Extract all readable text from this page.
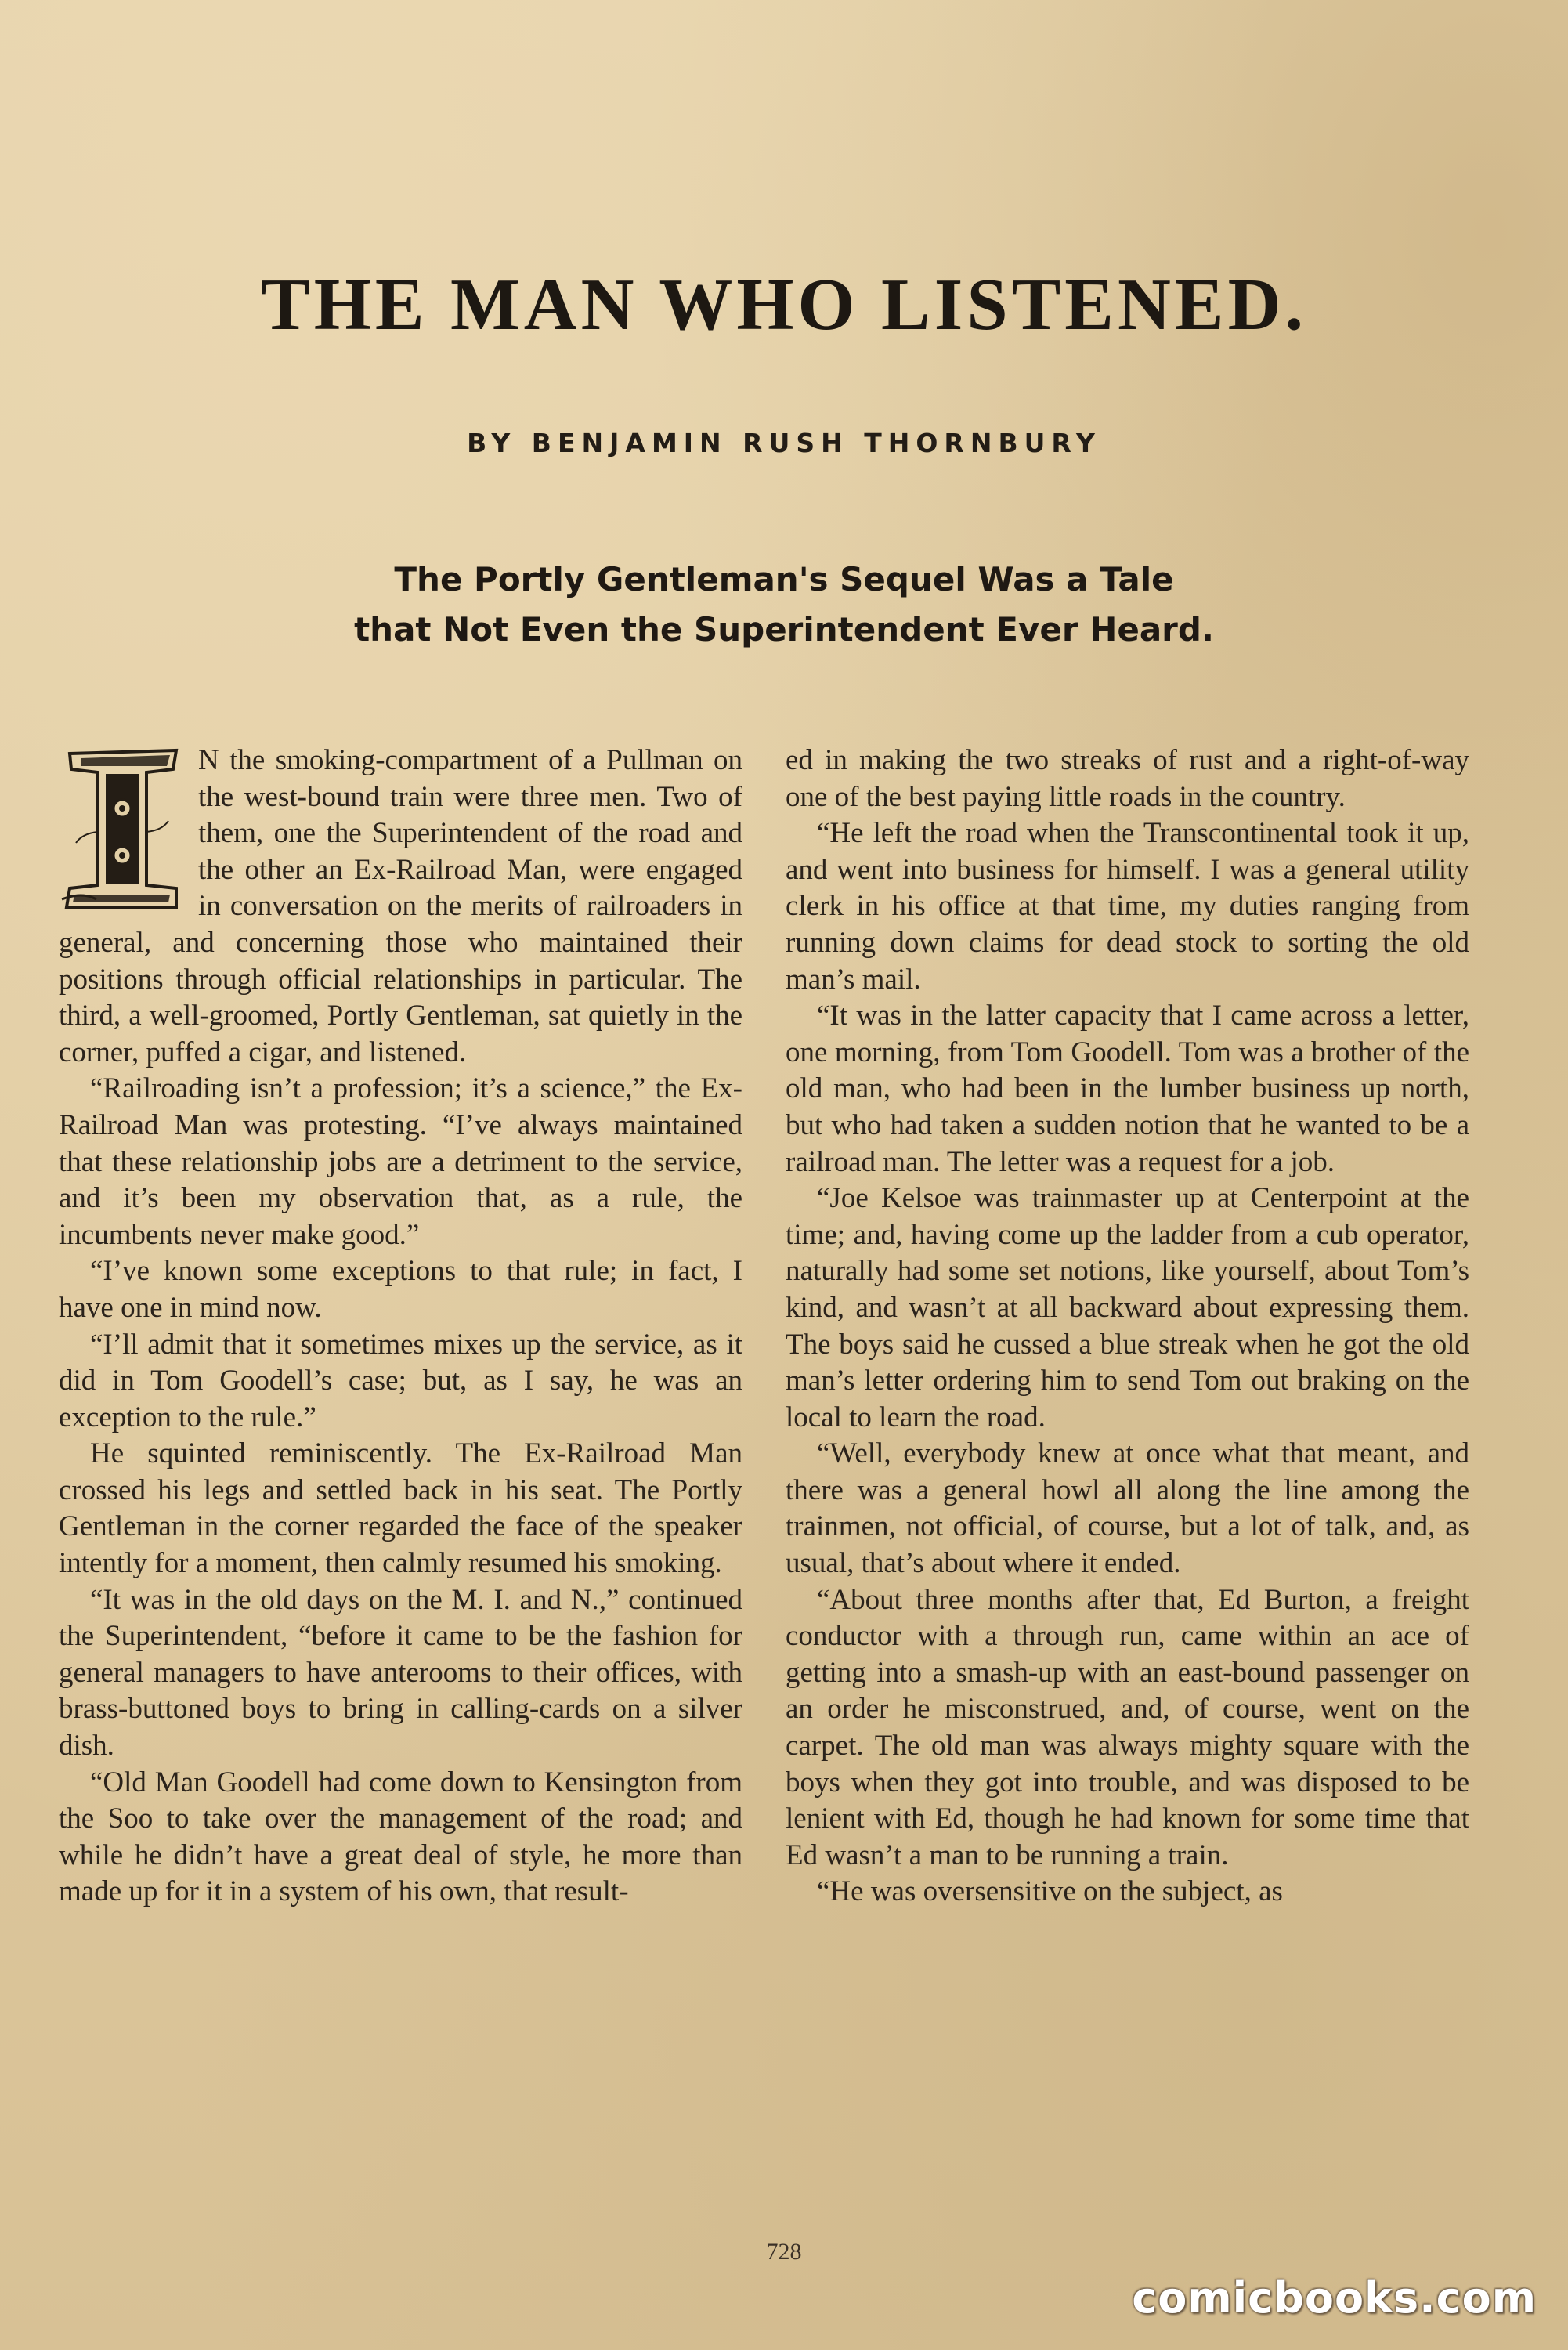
THE MAN WHO LISTENED.
BY BENJAMIN RUSH THORNBURY
The Portly Gentleman's Sequel Was a Tale
that Not Even the Superintendent Ever Heard.

N the smoking-compartment of a Pullman on the west-bound train were three men. Two of them, one the Superintendent of the road and the other an Ex-Railroad Man, were engaged in conversation on the merits of railroaders in general, and concerning those who maintained their positions through official relationships in particular. The third, a well-groomed, Portly Gentleman, sat quietly in the corner, puffed a cigar, and listened.

“Railroading isn’t a profession; it’s a science,” the Ex-Railroad Man was protesting. “I’ve always maintained that these relationship jobs are a detriment to the service, and it’s been my observation that, as a rule, the incumbents never make good.”

“I’ve known some exceptions to that rule; in fact, I have one in mind now.

“I’ll admit that it sometimes mixes up the service, as it did in Tom Goodell’s case; but, as I say, he was an exception to the rule.”

He squinted reminiscently. The Ex-Railroad Man crossed his legs and settled back in his seat. The Portly Gentleman in the corner regarded the face of the speaker intently for a moment, then calmly resumed his smoking.

“It was in the old days on the M. I. and N.,” continued the Superintendent, “before it came to be the fashion for general managers to have anterooms to their offices, with brass-buttoned boys to bring in calling-cards on a silver dish.

“Old Man Goodell had come down to Kensington from the Soo to take over the management of the road; and while he didn’t have a great deal of style, he more than made up for it in a system of his own, that result-

ed in making the two streaks of rust and a right-of-way one of the best paying little roads in the country.

“He left the road when the Transcontinental took it up, and went into business for himself. I was a general utility clerk in his office at that time, my duties ranging from running down claims for dead stock to sorting the old man’s mail.

“It was in the latter capacity that I came across a letter, one morning, from Tom Goodell. Tom was a brother of the old man, who had been in the lumber business up north, but who had taken a sudden notion that he wanted to be a railroad man. The letter was a request for a job.

“Joe Kelsoe was trainmaster up at Centerpoint at the time; and, having come up the ladder from a cub operator, naturally had some set notions, like yourself, about Tom’s kind, and wasn’t at all backward about expressing them. The boys said he cussed a blue streak when he got the old man’s letter ordering him to send Tom out braking on the local to learn the road.

“Well, everybody knew at once what that meant, and there was a general howl all along the line among the trainmen, not official, of course, but a lot of talk, and, as usual, that’s about where it ended.

“About three months after that, Ed Burton, a freight conductor with a through run, came within an ace of getting into a smash-up with an east-bound passenger on an order he misconstrued, and, of course, went on the carpet. The old man was always mighty square with the boys when they got into trouble, and was disposed to be lenient with Ed, though he had known for some time that Ed wasn’t a man to be running a train.

“He was oversensitive on the subject, as

728
comicbooks.com
